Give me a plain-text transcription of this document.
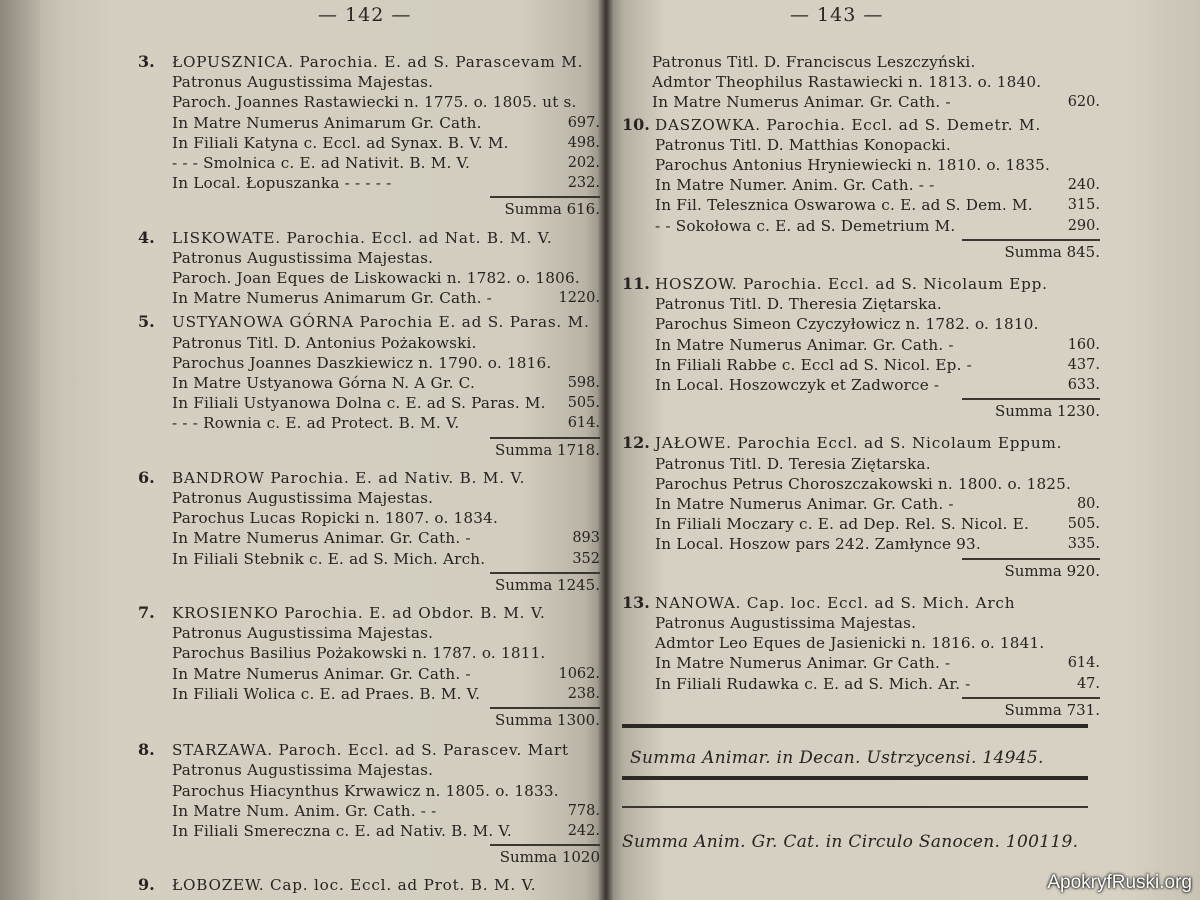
— 142 —	— 143 —
3. ŁOPUSZNICA. Parochia. E. ad S. Parascevam M.
Patronus Augustissima Majestas.
Paroch. Joannes Rastawiecki n. 1775. o. 1805. ut s.
In Matre Numerus Animarum Gr. Cath.	697.
In Filiali Katyna c. Eccl. ad Synax. B. V. M.	498.
- - - Smolnica c. E. ad Nativit. B. M. V.	202.
In Local. Łopuszanka - - - - -	232.
Summa 616.
4. LISKOWATE. Parochia. Eccl. ad Nat. B. M. V.
Patronus Augustissima Majestas.
Paroch. Joan Eques de Liskowacki n. 1782. o. 1806.
In Matre Numerus Animarum Gr. Cath. -	1220.
5. USTYANOWA GÓRNA Parochia E. ad S. Paras. M.
Patronus Titl. D. Antonius Pożakowski.
Parochus Joannes Daszkiewicz n. 1790. o. 1816.
In Matre Ustyanowa Górna N. A Gr. C.	598.
In Filiali Ustyanowa Dolna c. E. ad S. Paras. M. 505.
- - - Rownia c. E. ad Protect. B. M. V.	614.
Summa 1718.
6. BANDROW Parochia. E. ad Nativ. B. M. V.
Patronus Augustissima Majestas.
Parochus Lucas Ropicki n. 1807. o. 1834.
In Matre Numerus Animar. Gr. Cath. -	893
In Filiali Stebnik c. E. ad S. Mich. Arch.	352
Summa 1245.
7. KROSIENKO Parochia. E. ad Obdor. B. M. V.
Patronus Augustissima Majestas.
Parochus Basilius Pożakowski n. 1787. o. 1811.
In Matre Numerus Animar. Gr. Cath. -	1062.
In Filiali Wolica c. E. ad Praes. B. M. V.	238.
Summa 1300.
8. STARZAWA. Paroch. Eccl. ad S. Parascev. Mart
Patronus Augustissima Majestas.
Parochus Hiacynthus Krwawicz n. 1805. o. 1833.
In Matre Num. Anim. Gr. Cath. - -	778.
In Filiali Smereczna c. E. ad Nativ. B. M. V.	242.
Summa 1020
9. ŁOBOZEW. Cap. loc. Eccl. ad Prot. B. M. V.
Patronus Titl. D. Franciscus Leszczyński.
Admtor Theophilus Rastawiecki n. 1813. o. 1840.
In Matre Numerus Animar. Gr. Cath. -	620.
10. DASZOWKA. Parochia. Eccl. ad S. Demetr. M.
Patronus Titl. D. Matthias Konopacki.
Parochus Antonius Hryniewiecki n. 1810. o. 1835.
In Matre Numer. Anim. Gr. Cath. - -	240.
In Fil. Telesznica Oswarowa c. E. ad S. Dem. M. 315.
- - Sokołowa c. E. ad S. Demetrium M.	290.
Summa 845.
11. HOSZOW. Parochia. Eccl. ad S. Nicolaum Epp.
Patronus Titl. D. Theresia Ziętarska.
Parochus Simeon Czyczyłowicz n. 1782. o. 1810.
In Matre Numerus Animar. Gr. Cath. -	160.
In Filiali Rabbe c. Eccl ad S. Nicol. Ep. -	437.
In Local. Hoszowczyk et Zadworce -	633.
Summa 1230.
12. JAŁOWE. Parochia Eccl. ad S. Nicolaum Eppum.
Patronus Titl. D. Teresia Ziętarska.
Parochus Petrus Choroszczakowski n. 1800. o. 1825.
In Matre Numerus Animar. Gr. Cath. -	80.
In Filiali Moczary c. E. ad Dep. Rel. S. Nicol. E.	505.
In Local. Hoszow pars 242. Zamłynce 93.	335.
Summa 920.
13. NANOWA. Cap. loc. Eccl. ad S. Mich. Arch
Patronus Augustissima Majestas.
Admtor Leo Eques de Jasienicki n. 1816. o. 1841.
In Matre Numerus Animar. Gr Cath. -	614.
In Filiali Rudawka c. E. ad S. Mich. Ar. -	47.
Summa 731.
Summa Animar. in Decan. Ustrzycensi. 14945.
Summa Anim. Gr. Cat. in Circulo Sanocen. 100119.
ApokryfRuski.org
